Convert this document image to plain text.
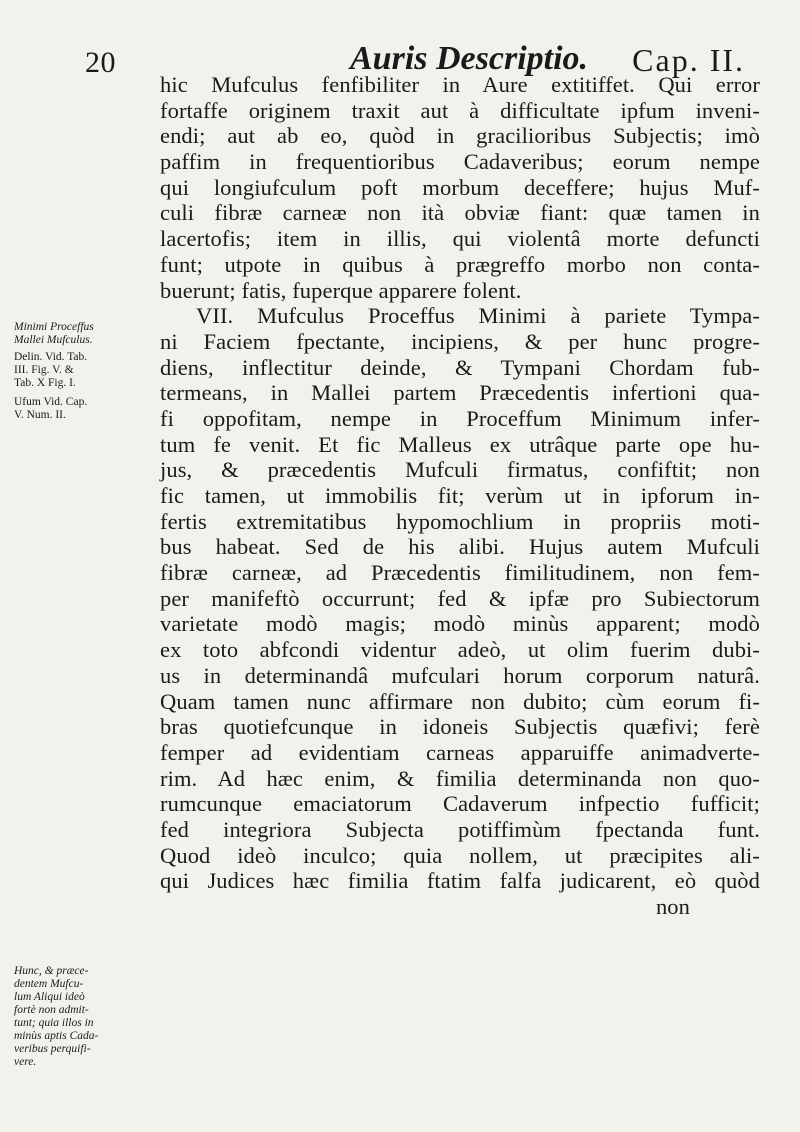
20	Auris Descriptio. Cap. II.
hic Mufculus fenfibiliter in Aure extitiffet. Qui error
fortaffe originem traxit aut à difficultate ipfum inveni-
endi; aut ab eo, quòd in gracilioribus Subjectis; imò
paffim in frequentioribus Cadaveribus; eorum nempe
qui longiufculum poft morbum deceffere; hujus Muf-
culi fibræ carneæ non ità obviæ fiant: quæ tamen in
lacertofis; item in illis, qui violentâ morte defuncti
funt; utpote in quibus à prægreffo morbo non conta-
buerunt; fatis, fuperque apparere folent.
VII. Mufculus Proceffus Minimi à pariete Tympa-
ni Faciem fpectante, incipiens, & per hunc progre-
diens, inflectitur deinde, & Tympani Chordam fub-
termeans, in Mallei partem Præcedentis infertioni qua-
fi oppofitam, nempe in Proceffum Minimum infer-
tum fe venit. Et fic Malleus ex utrâque parte ope hu-
jus, & præcedentis Mufculi firmatus, confiftit; non
fic tamen, ut immobilis fit; verùm ut in ipforum in-
fertis extremitatibus hypomochlium in propriis moti-
bus habeat. Sed de his alibi. Hujus autem Mufculi
fibræ carneæ, ad Præcedentis fimilitudinem, non fem-
per manifeftò occurrunt; fed & ipfæ pro Subiectorum
varietate modò magis; modò minùs apparent; modò
ex toto abfcondi videntur adeò, ut olim fuerim dubi-
us in determinandâ mufculari horum corporum naturâ.
Quam tamen nunc affirmare non dubito; cùm eorum fi-
bras quotiefcunque in idoneis Subjectis quæfivi; ferè
femper ad evidentiam carneas apparuiffe animadverte-
rim. Ad hæc enim, & fimilia determinanda non quo-
rumcunque emaciatorum Cadaverum infpectio fufficit;
fed integriora Subjecta potiffimùm fpectanda funt.
Quod ideò inculco; quia nollem, ut præcipites ali-
qui Judices hæc fimilia ftatim falfa judicarent, eò quòd
non
Minimi Proceffus
Mallei Mufculus.
Delin. Vid. Tab.
III. Fig. V. &
Tab. X Fig. I.
Ufum Vid. Cap.
V. Num. II.
Hunc, & præce-
dentem Mufcu-
lum Aliqui ideò
fortè non admit-
tunt; quia illos in
minùs aptis Cada-
veribus perquifi-
vere.
